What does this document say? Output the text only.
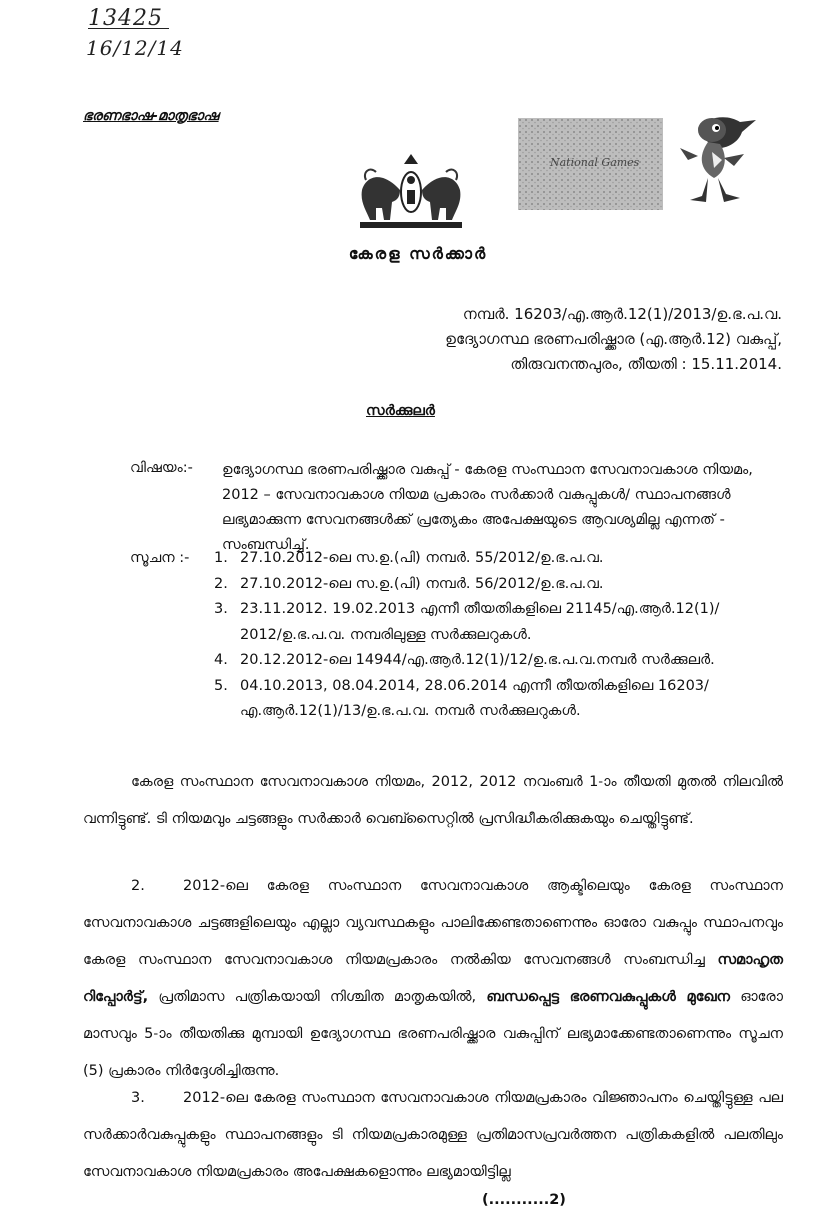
13425
16/12/14
ഭരണഭാഷ-മാതൃഭാഷ
National Games
കേരള സർക്കാർ
നമ്പർ. 16203/എ.ആർ.12(1)/2013/ഉ.ഭ.പ.വ.
ഉദ്യോഗസ്ഥ ഭരണപരിഷ്ക്കാര (എ.ആർ.12) വകുപ്പ്,
തിരുവനന്തപുരം, തീയതി : 15.11.2014.
സർക്കുലർ
വിഷയം:- ഉദ്യോഗസ്ഥ ഭരണപരിഷ്ക്കാര വകുപ്പ് - കേരള സംസ്ഥാന സേവനാവകാശ നിയമം, 2012 – സേവനാവകാശ നിയമ പ്രകാരം സർക്കാർ വകുപ്പുകൾ/ സ്ഥാപനങ്ങൾ ലഭ്യമാക്കുന്ന സേവനങ്ങൾക്ക് പ്രത്യേകം അപേക്ഷയുടെ ആവശ്യമില്ല എന്നത് - സംബന്ധിച്ച്.
സൂചന :- 1. 27.10.2012-ലെ സ.ഉ.(പി) നമ്പർ. 55/2012/ഉ.ഭ.പ.വ.
2. 27.10.2012-ലെ സ.ഉ.(പി) നമ്പർ. 56/2012/ഉ.ഭ.പ.വ.
3. 23.11.2012. 19.02.2013 എന്നീ തീയതികളിലെ 21145/എ.ആർ.12(1)/
2012/ഉ.ഭ.പ.വ. നമ്പരിലുള്ള സർക്കുലറുകൾ.
4. 20.12.2012-ലെ 14944/എ.ആർ.12(1)/12/ഉ.ഭ.പ.വ.നമ്പർ സർക്കുലർ.
5. 04.10.2013, 08.04.2014, 28.06.2014 എന്നീ തീയതികളിലെ 16203/
എ.ആർ.12(1)/13/ഉ.ഭ.പ.വ. നമ്പർ സർക്കുലറുകൾ.
കേരള സംസ്ഥാന സേവനാവകാശ നിയമം, 2012, 2012 നവംബർ 1-ാം തീയതി മുതൽ നിലവിൽ വന്നിട്ടുണ്ട്. ടി നിയമവും ചട്ടങ്ങളും സർക്കാർ വെബ്സൈറ്റിൽ പ്രസിദ്ധീകരിക്കുകയും ചെയ്തിട്ടുണ്ട്.
2.	2012-ലെ കേരള സംസ്ഥാന സേവനാവകാശ ആക്ടിലെയും കേരള സംസ്ഥാന സേവനാവകാശ ചട്ടങ്ങളിലെയും എല്ലാ വ്യവസ്ഥകളും പാലിക്കേണ്ടതാണെന്നും ഓരോ വകുപ്പും സ്ഥാപനവും കേരള സംസ്ഥാന സേവനാവകാശ നിയമപ്രകാരം നൽകിയ സേവനങ്ങൾ സംബന്ധിച്ച സമാഹൃത റിപ്പോർട്ട്, പ്രതിമാസ പത്രികയായി നിശ്ചിത മാതൃകയിൽ, ബന്ധപ്പെട്ട ഭരണവകുപ്പുകൾ മുഖേന ഓരോ മാസവും 5-ാം തീയതിക്കു മുമ്പായി ഉദ്യോഗസ്ഥ ഭരണപരിഷ്ക്കാര വകുപ്പിന് ലഭ്യമാക്കേണ്ടതാണെന്നും സൂചന (5) പ്രകാരം നിർദ്ദേശിച്ചിരുന്നു.
3.	2012-ലെ കേരള സംസ്ഥാന സേവനാവകാശ നിയമപ്രകാരം വിജ്ഞാപനം ചെയ്തിട്ടുള്ള പല സർക്കാർവകുപ്പുകളും സ്ഥാപനങ്ങളും ടി നിയമപ്രകാരമുള്ള പ്രതിമാസപ്രവർത്തന പത്രികകളിൽ പലതിലും സേവനാവകാശ നിയമപ്രകാരം അപേക്ഷകളൊന്നും ലഭ്യമായിട്ടില്ല
(...........2)
